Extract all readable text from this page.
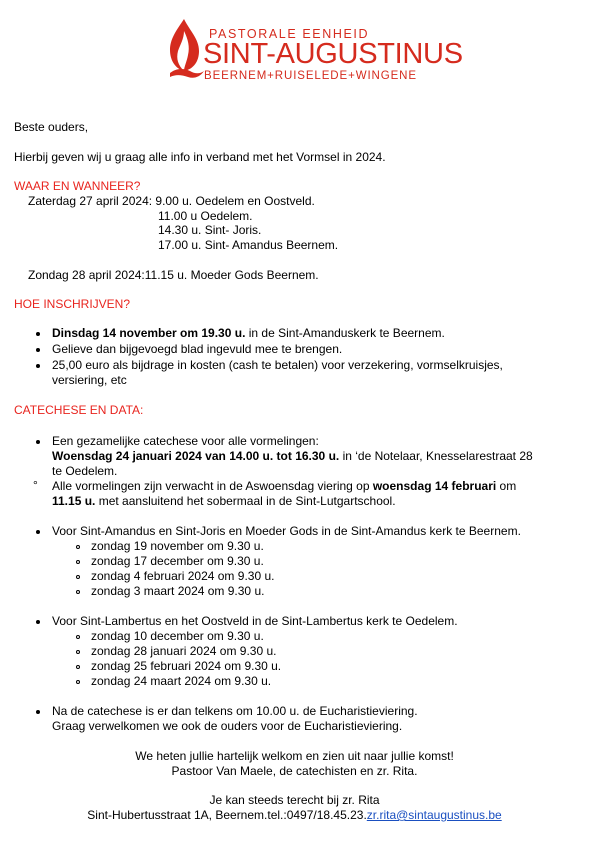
PASTORALE EENHEID
SINT-AUGUSTINUS
BEERNEM+RUISELEDE+WINGENE
Beste ouders,
Hierbij geven wij u graag alle info in verband met het Vormsel in 2024.
WAAR EN WANNEER?
Zaterdag 27 april 2024: 9.00 u. Oedelem en Oostveld.
11.00 u Oedelem.
14.30 u. Sint- Joris.
17.00 u. Sint- Amandus Beernem.
Zondag 28 april 2024:11.15 u. Moeder Gods Beernem.
HOE INSCHRIJVEN?
Dinsdag 14 november om 19.30 u. in de Sint-Amanduskerk te Beernem.
Gelieve dan bijgevoegd blad ingevuld mee te brengen.
25,00 euro als bijdrage in kosten (cash te betalen) voor verzekering, vormselkruisjes,
versiering, etc
CATECHESE EN DATA:
Een gezamelijke catechese voor alle vormelingen:
Woensdag 24 januari 2024 van 14.00 u. tot 16.30 u. in ‘de Notelaar, Knesselarestraat 28
te Oedelem.
° Alle vormelingen zijn verwacht in de Aswoensdag viering op woensdag 14 februari om
11.15 u. met aansluitend het sobermaal in de Sint-Lutgartschool.
Voor Sint-Amandus en Sint-Joris en Moeder Gods in de Sint-Amandus kerk te Beernem.
zondag 19 november om 9.30 u.
zondag 17 december om 9.30 u.
zondag 4 februari 2024 om 9.30 u.
zondag 3 maart 2024 om 9.30 u.
Voor Sint-Lambertus en het Oostveld in de Sint-Lambertus kerk te Oedelem.
zondag 10 december om 9.30 u.
zondag 28 januari 2024 om 9.30 u.
zondag 25 februari 2024 om 9.30 u.
zondag 24 maart 2024 om 9.30 u.
Na de catechese is er dan telkens om 10.00 u. de Eucharistieviering.
Graag verwelkomen we ook de ouders voor de Eucharistieviering.
We heten jullie hartelijk welkom en zien uit naar jullie komst!
Pastoor Van Maele, de catechisten en zr. Rita.
Je kan steeds terecht bij zr. Rita
Sint-Hubertusstraat 1A, Beernem.tel.:0497/18.45.23.zr.rita@sintaugustinus.be
